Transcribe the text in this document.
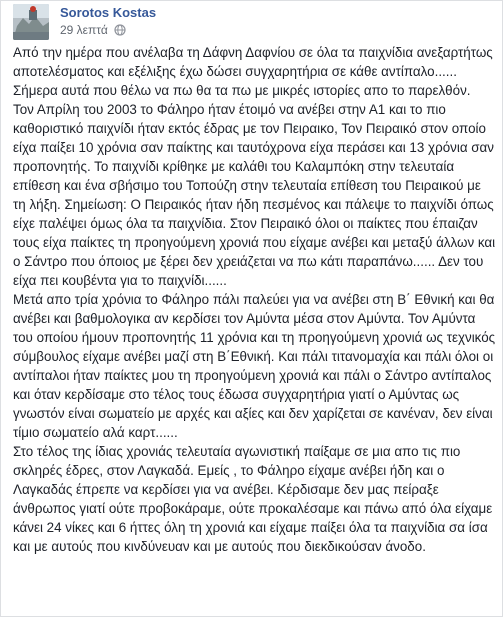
Sorotos Kostas
29 λεπτά

Από την ημέρα που ανέλαβα τη Δάφνη Δαφνίου σε όλα τα παιχνίδια ανεξαρτήτως αποτελέσματος και εξέλιξης έχω δώσει συγχαρητήρια σε κάθε αντίπαλο...... Σήμερα αυτά που θέλω να πω θα τα πω με μικρές ιστορίες απο το παρελθόν.

Τον Απρίλη του 2003 το Φάληρο ήταν έτοιμό να ανέβει στην Α1 και το πιο καθοριστικό παιχνίδι ήταν εκτός έδρας με τον Πειραικο, Τον Πειραικό στον οποίο είχα παίξει 10 χρόνια σαν παίκτης και ταυτόχρονα είχα περάσει και 13 χρόνια σαν προπονητής. Το παιχνίδι κρίθηκε με καλάθι του Καλαμπόκη στην τελευταία επίθεση και ένα σβήσιμο του Τοπούζη στην τελευταία επίθεση του Πειραικού με τη λήξη. Σημείωση: Ο Πειραικός ήταν ήδη πεσμένος και πάλεψε το παιχνίδι όπως είχε παλέψει όμως όλα τα παιχνίδια. Στον Πειραικό όλοι οι παίκτες που έπαιζαν τους είχα παίκτες τη προηγούμενη χρονιά που είχαμε ανέβει και μεταξύ άλλων και ο Σάντρο που όποιος με ξέρει δεν χρειάζεται να πω κάτι παραπάνω...... Δεν του είχα πει κουβέντα για το παιχνίδι......

Μετά απο τρία χρόνια το Φάληρο πάλι παλεύει για να ανέβει στη Β΄ Εθνική και θα ανέβει και βαθμολογικα αν κερδίσει τον Αμύντα μέσα στον Αμύντα. Τον Αμύντα του οποίου ήμουν προπονητής 11 χρόνια και τη προηγούμενη χρονιά ως τεχνικός σύμβουλος είχαμε ανέβει μαζί στη Β΄Εθνική. Και πάλι τιτανομαχία και πάλι όλοι οι αντίπαλοι ήταν παίκτες μου τη προηγούμενη χρονιά και πάλι ο Σάντρο αντίπαλος και όταν κερδίσαμε στο τέλος τους έδωσα συγχαρητήρια γιατί ο Αμύντας ως γνωστόν είναι σωματείο με αρχές και αξίες και δεν χαρίζεται σε κανέναν, δεν είναι τίμιο σωματείο αλά καρτ......

Στο τέλος της ίδιας χρονιάς τελευταία αγωνιστική παίξαμε σε μια απο τις πιο σκληρές έδρες, στον Λαγκαδά. Εμείς , το Φάληρο είχαμε ανέβει ήδη και ο Λαγκαδάς έπρεπε να κερδίσει για να ανέβει. Κέρδισαμε δεν μας πείραξε άνθρωπος γιατί ούτε προβοκάραμε, ούτε προκαλέσαμε και πάνω από όλα είχαμε κάνει 24 νίκες και 6 ήττες όλη τη χρονιά και είχαμε παίξει όλα τα παιχνίδια σα ίσα και με αυτούς που κινδύνευαν και με αυτούς που διεκδικούσαν άνοδο.
